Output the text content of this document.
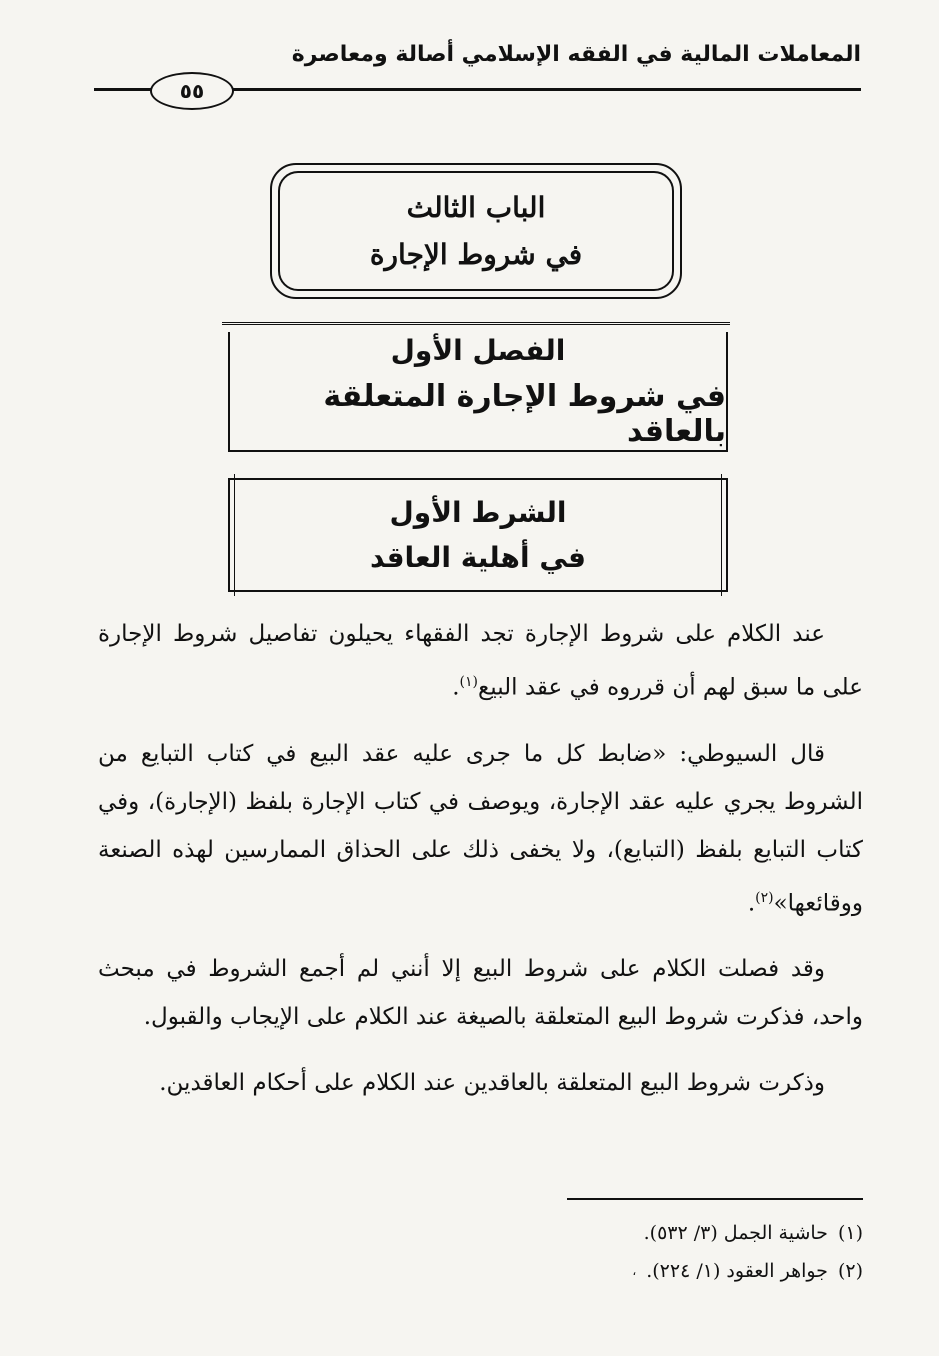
المعاملات المالية في الفقه الإسلامي أصالة ومعاصرة
٥٥
الباب الثالث
في شروط الإجارة
الفصل الأول
في شروط الإجارة المتعلقة بالعاقد
الشرط الأول
في أهلية العاقد

عند الكلام على شروط الإجارة تجد الفقهاء يحيلون تفاصيل شروط الإجارة على ما سبق لهم أن قرروه في عقد البيع$^{(١)}$.

قال السيوطي: «ضابط كل ما جرى عليه عقد البيع في كتاب التبايع من الشروط يجري عليه عقد الإجارة، ويوصف في كتاب الإجارة بلفظ (الإجارة)، وفي كتاب التبايع بلفظ (التبايع)، ولا يخفى ذلك على الحذاق الممارسين لهذه الصنعة ووقائعها»$^{(٢)}$.

وقد فصلت الكلام على شروط البيع إلا أنني لم أجمع الشروط في مبحث واحد، فذكرت شروط البيع المتعلقة بالصيغة عند الكلام على الإيجاب والقبول.

وذكرت شروط البيع المتعلقة بالعاقدين عند الكلام على أحكام العاقدين.

(١)
حاشية الجمل (٣/ ٥٣٢).
(٢)
جواهر العقود (١/ ٢٢٤).
،
